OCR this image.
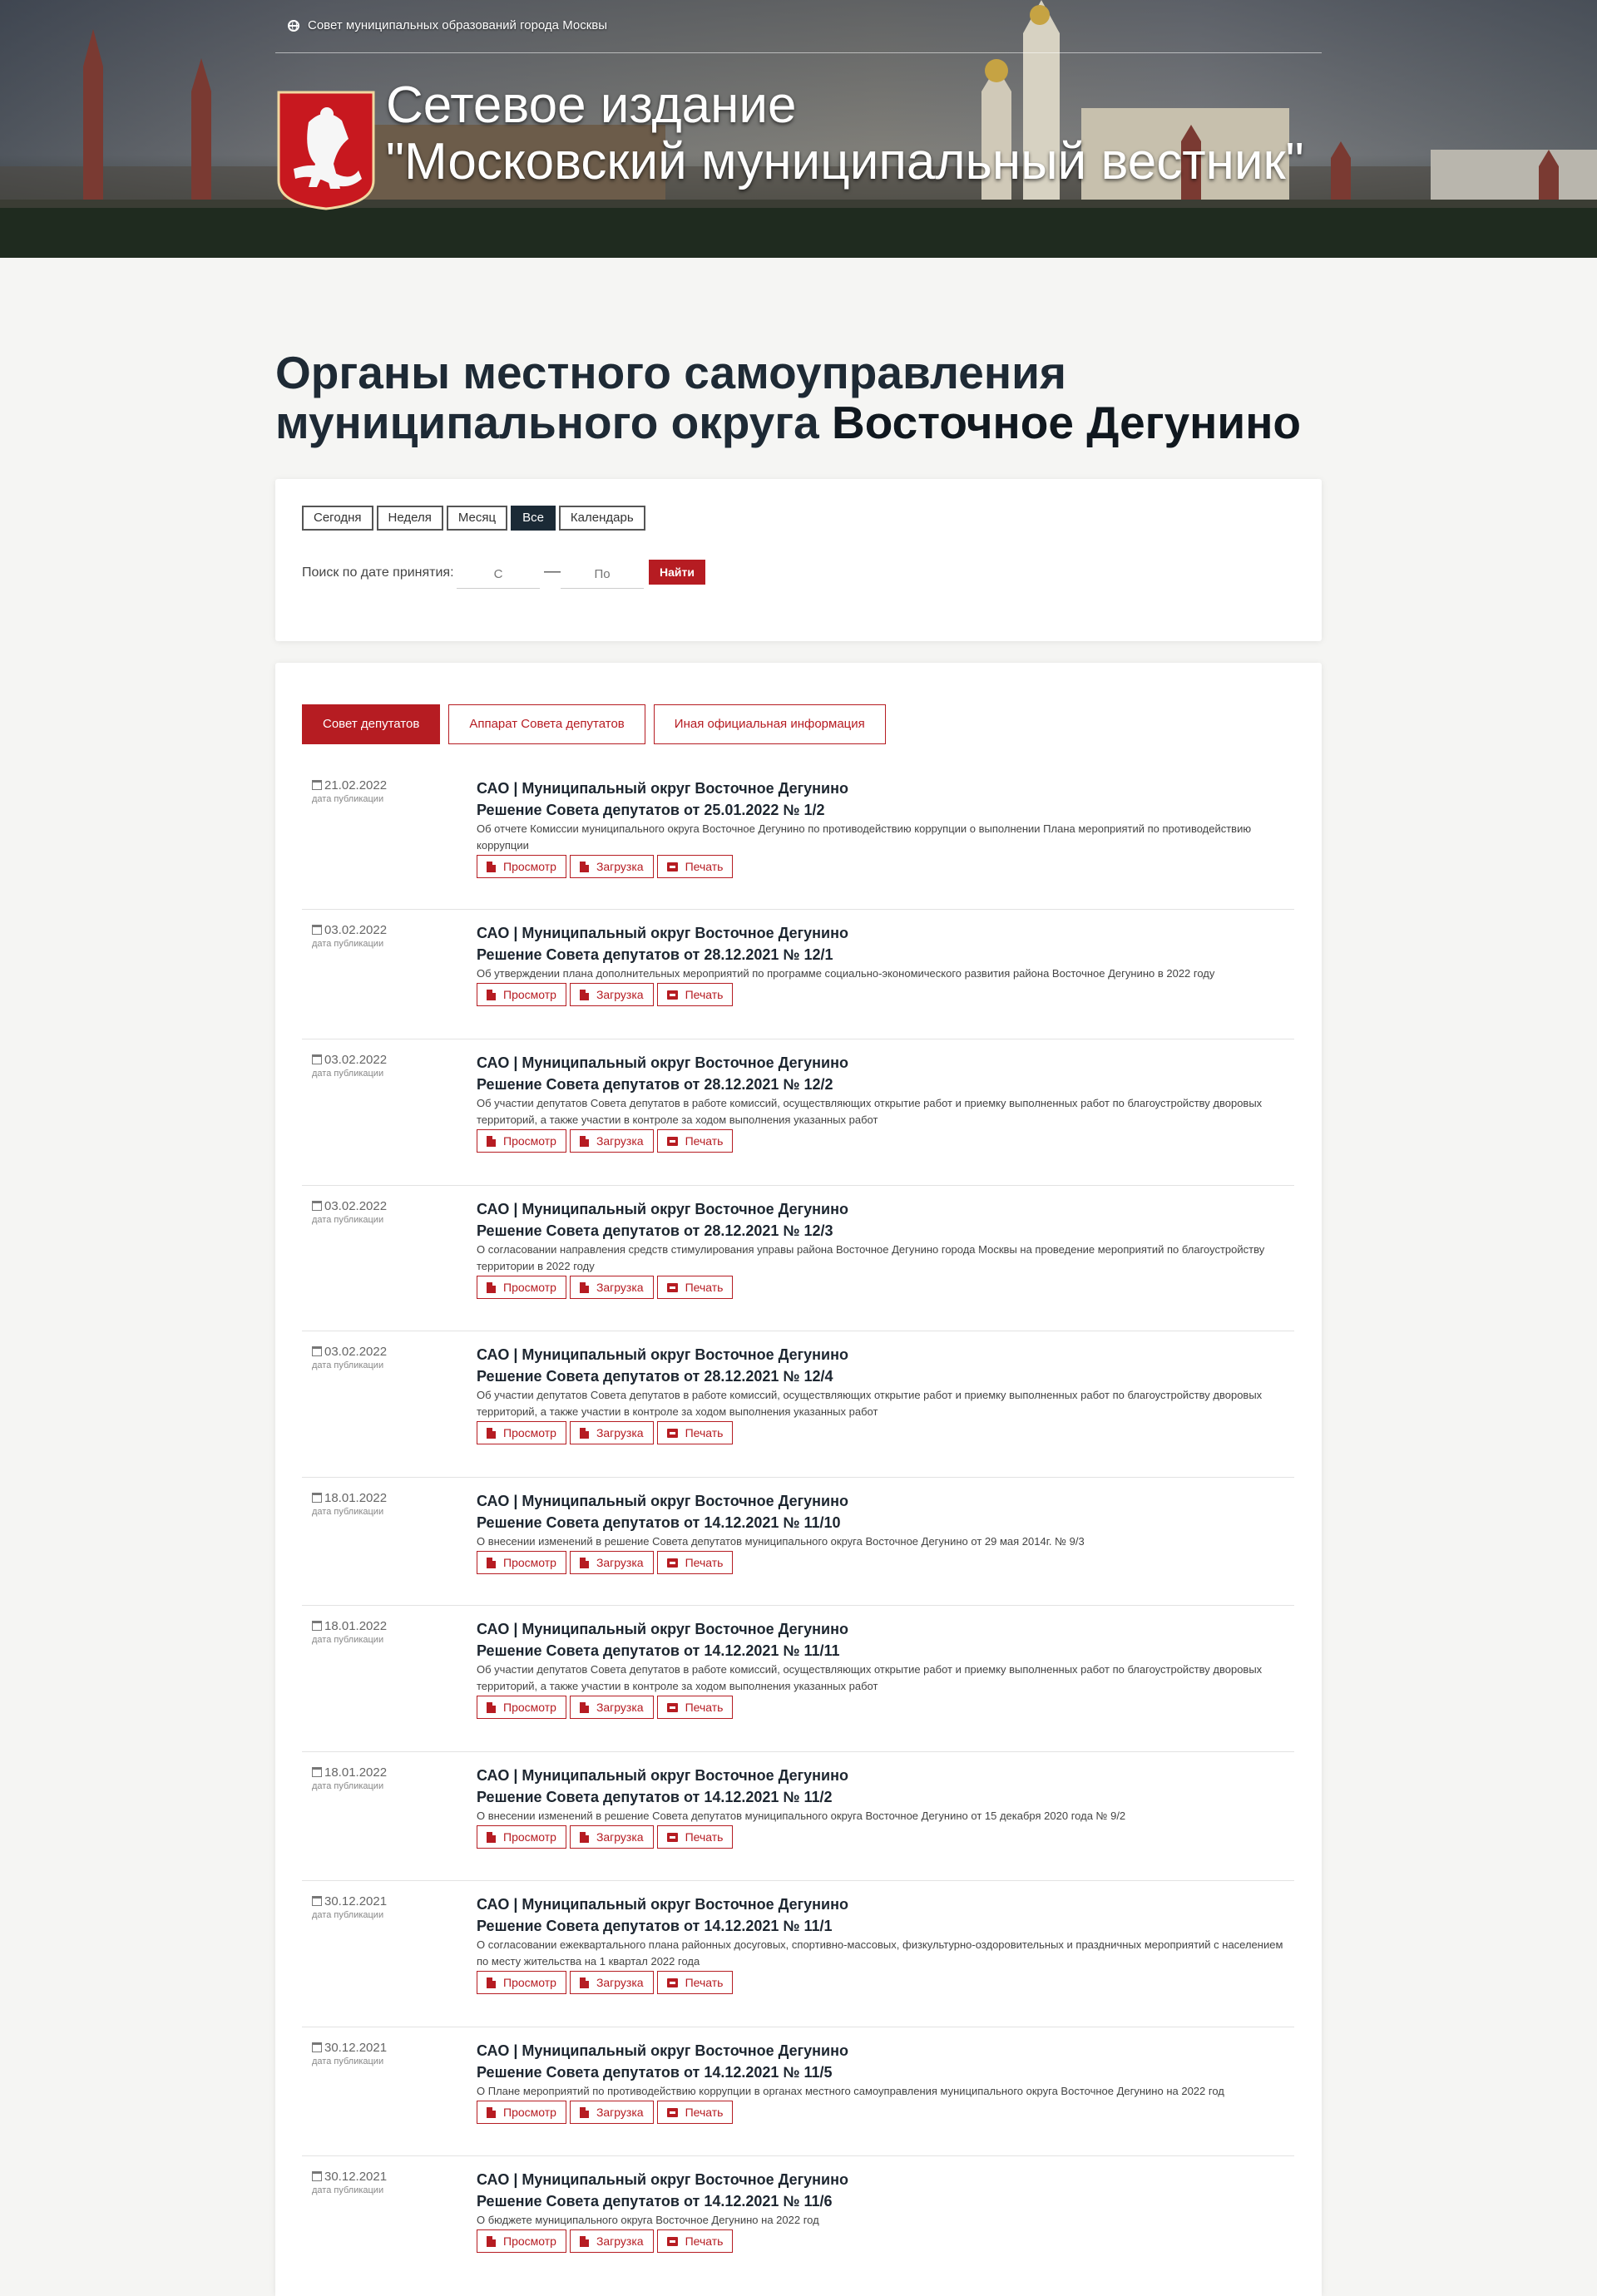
Совет муниципальных образований города Москвы
Сетевое издание
"Московский муниципальный вестник"
Органы местного самоуправления
муниципального округа Восточное Дегунино
Сегодня	Неделя	Месяц	Все	Календарь
Поиск по дате принятия:
С	—
По	Найти
Совет депутатов	Аппарат Совета депутатов	Иная официальная информация
21.02.2022
дата публикации
САО | Муниципальный округ Восточное Дегунино
Решение Совета депутатов от 25.01.2022 № 1/2
Об отчете Комиссии муниципального округа Восточное Дегунино по противодействию коррупции о выполнении Плана мероприятий по противодействию коррупции
Просмотр	Загрузка	Печать
03.02.2022
дата публикации
САО | Муниципальный округ Восточное Дегунино
Решение Совета депутатов от 28.12.2021 № 12/1
Об утверждении плана дополнительных мероприятий по программе социально-экономического развития района Восточное Дегунино в 2022 году
Просмотр	Загрузка	Печать
03.02.2022
дата публикации
САО | Муниципальный округ Восточное Дегунино
Решение Совета депутатов от 28.12.2021 № 12/2
Об участии депутатов Совета депутатов в работе комиссий, осуществляющих открытие работ и приемку выполненных работ по благоустройству дворовых территорий, а также участии в контроле за ходом выполнения указанных работ
Просмотр	Загрузка	Печать
03.02.2022
дата публикации
САО | Муниципальный округ Восточное Дегунино
Решение Совета депутатов от 28.12.2021 № 12/3
О согласовании направления средств стимулирования управы района Восточное Дегунино города Москвы на проведение мероприятий по благоустройству территории в 2022 году
Просмотр	Загрузка	Печать
03.02.2022
дата публикации
САО | Муниципальный округ Восточное Дегунино
Решение Совета депутатов от 28.12.2021 № 12/4
Об участии депутатов Совета депутатов в работе комиссий, осуществляющих открытие работ и приемку выполненных работ по благоустройству дворовых территорий, а также участии в контроле за ходом выполнения указанных работ
Просмотр	Загрузка	Печать
18.01.2022
дата публикации
САО | Муниципальный округ Восточное Дегунино
Решение Совета депутатов от 14.12.2021 № 11/10
О внесении изменений в решение Совета депутатов муниципального округа Восточное Дегунино от 29 мая 2014г. № 9/3
Просмотр	Загрузка	Печать
18.01.2022
дата публикации
САО | Муниципальный округ Восточное Дегунино
Решение Совета депутатов от 14.12.2021 № 11/11
Об участии депутатов Совета депутатов в работе комиссий, осуществляющих открытие работ и приемку выполненных работ по благоустройству дворовых территорий, а также участии в контроле за ходом выполнения указанных работ
Просмотр	Загрузка	Печать
18.01.2022
дата публикации
САО | Муниципальный округ Восточное Дегунино
Решение Совета депутатов от 14.12.2021 № 11/2
О внесении изменений в решение Совета депутатов муниципального округа Восточное Дегунино от 15 декабря 2020 года № 9/2
Просмотр	Загрузка	Печать
30.12.2021
дата публикации
САО | Муниципальный округ Восточное Дегунино
Решение Совета депутатов от 14.12.2021 № 11/1
О согласовании ежеквартального плана районных досуговых, спортивно-массовых, физкультурно-оздоровительных и праздничных мероприятий с населением по месту жительства на 1 квартал 2022 года
Просмотр	Загрузка	Печать
30.12.2021
дата публикации
САО | Муниципальный округ Восточное Дегунино
Решение Совета депутатов от 14.12.2021 № 11/5
О Плане мероприятий по противодействию коррупции в органах местного самоуправления муниципального округа Восточное Дегунино на 2022 год
Просмотр	Загрузка	Печать
30.12.2021
дата публикации
САО | Муниципальный округ Восточное Дегунино
Решение Совета депутатов от 14.12.2021 № 11/6
О бюджете муниципального округа Восточное Дегунино на 2022 год
Просмотр	Загрузка	Печать
